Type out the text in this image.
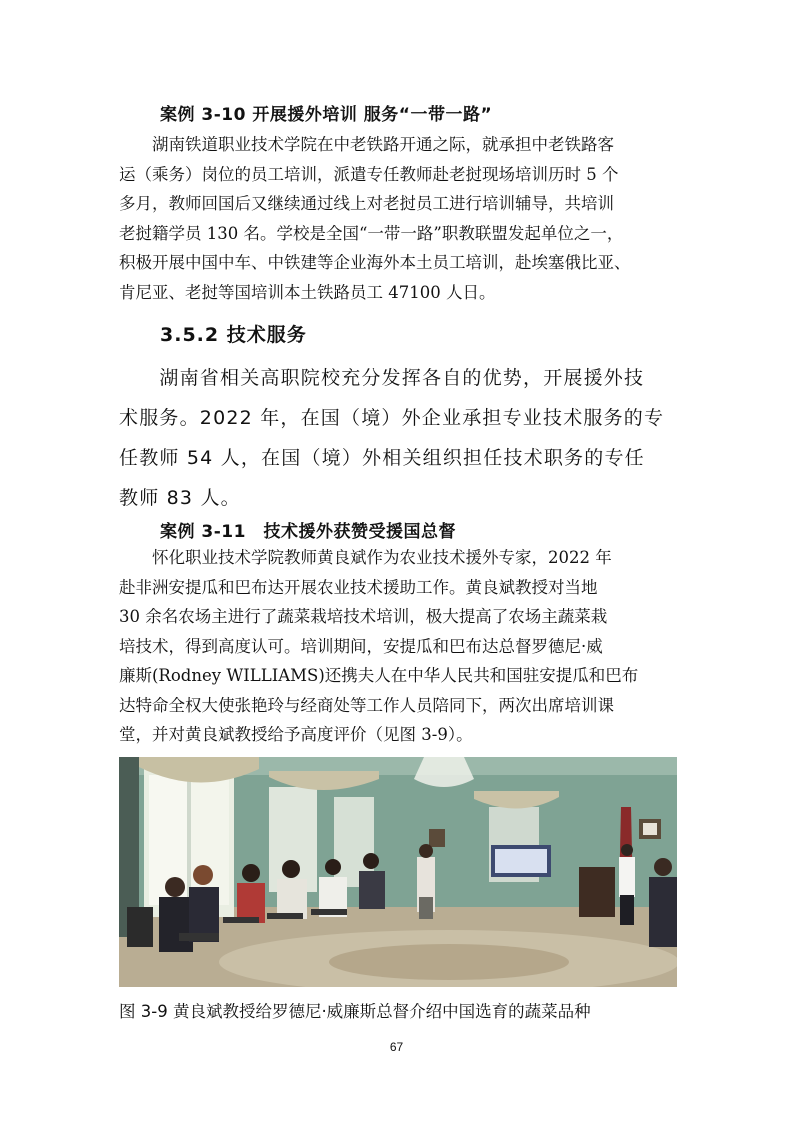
案例 3-10 开展援外培训 服务“一带一路”

　　湖南铁道职业技术学院在中老铁路开通之际，就承担中老铁路客

运（乘务）岗位的员工培训，派遣专任教师赴老挝现场培训历时 5 个

多月，教师回国后又继续通过线上对老挝员工进行培训辅导，共培训

老挝籍学员 130 名。学校是全国“一带一路”职教联盟发起单位之一，

积极开展中国中车、中铁建等企业海外本土员工培训，赴埃塞俄比亚、

肯尼亚、老挝等国培训本土铁路员工 47100 人日。

3.5.2 技术服务

　　湖南省相关高职院校充分发挥各自的优势，开展援外技

术服务。2022 年，在国（境）外企业承担专业技术服务的专

任教师 54 人，在国（境）外相关组织担任技术职务的专任

教师 83 人。

案例 3-11　技术援外获赞受援国总督

　　怀化职业技术学院教师黄良斌作为农业技术援外专家，2022 年

赴非洲安提瓜和巴布达开展农业技术援助工作。黄良斌教授对当地

30 余名农场主进行了蔬菜栽培技术培训，极大提高了农场主蔬菜栽

培技术，得到高度认可。培训期间，安提瓜和巴布达总督罗德尼·威

廉斯(Rodney WILLIAMS)还携夫人在中华人民共和国驻安提瓜和巴布

达特命全权大使张艳玲与经商处等工作人员陪同下，两次出席培训课

堂，并对黄良斌教授给予高度评价（见图 3-9）。

图 3-9 黄良斌教授给罗德尼·威廉斯总督介绍中国选育的蔬菜品种
67
